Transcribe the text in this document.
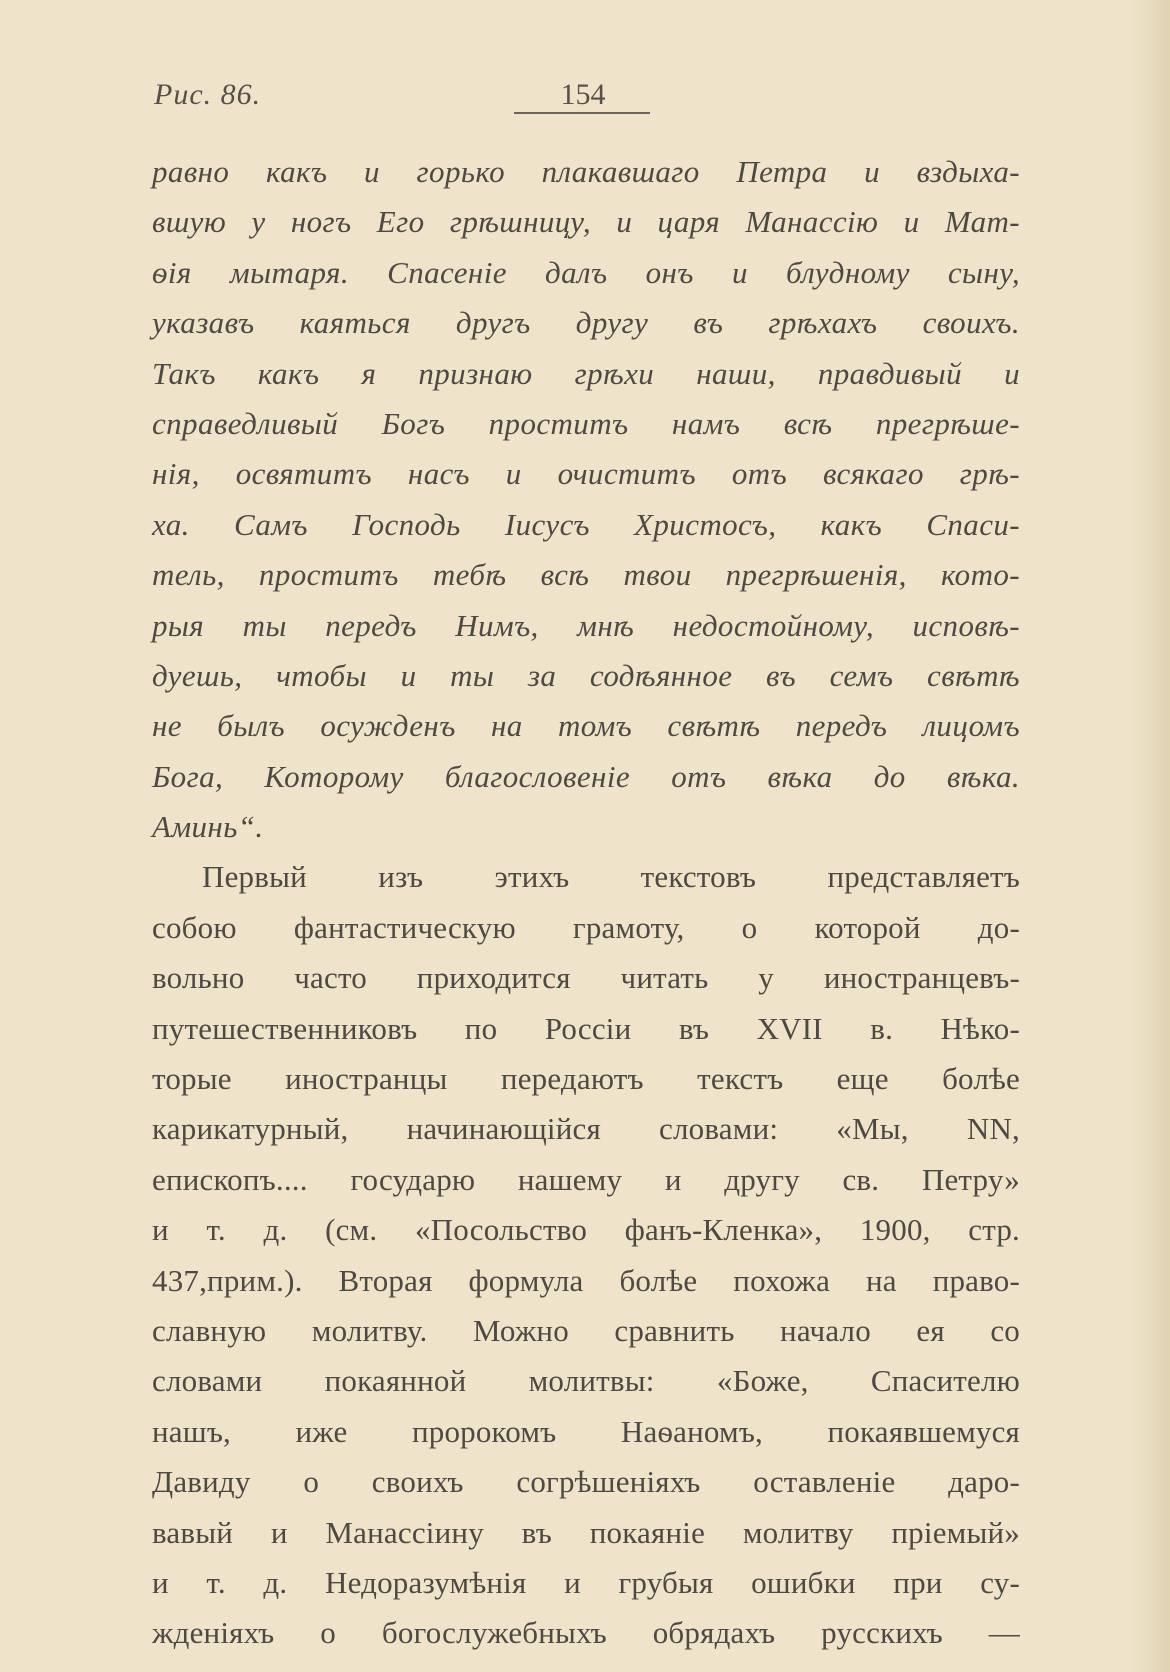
Рис. 86.	154
равно какъ и горько плакавшаго Петра и вздыха-
вшую у ногъ Его грѣшницу, и царя Манассію и Мат-
ѳія мытаря. Спасеніе далъ онъ и блудному сыну,
указавъ каяться другъ другу въ грѣхахъ своихъ.
Такъ какъ я признаю грѣхи наши, правдивый и
справедливый Богъ проститъ намъ всѣ прегрѣше-
нія, освятитъ насъ и очиститъ отъ всякаго грѣ-
ха. Самъ Господь Іисусъ Христосъ, какъ Спаси-
тель, проститъ тебѣ всѣ твои прегрѣшенія, кото-
рыя ты передъ Нимъ, мнѣ недостойному, исповѣ-
дуешь, чтобы и ты за содѣянное въ семъ свѣтѣ
не былъ осужденъ на томъ свѣтѣ передъ лицомъ
Бога, Которому благословеніе отъ вѣка до вѣка.
Аминь“.
Первый изъ этихъ текстовъ представляетъ
собою фантастическую грамоту, о которой до-
вольно часто приходится читать у иностранцевъ-
путешественниковъ по Россіи въ XVII в. Нѣко-
торые иностранцы передаютъ текстъ еще болѣе
карикатурный, начинающійся словами: «Мы, NN,
епископъ.... государю нашему и другу св. Петру»
и т. д. (см. «Посольство фанъ-Кленка», 1900, стр.
437,прим.). Вторая формула болѣе похожа на право-
славную молитву. Можно сравнить начало ея со
словами покаянной молитвы: «Боже, Спасителю
нашъ, иже пророкомъ Наѳаномъ, покаявшемуся
Давиду о своихъ согрѣшеніяхъ оставленіе даро-
вавый и Манассіину въ покаяніе молитву пріемый»
и т. д. Недоразумѣнія и грубыя ошибки при су-
жденіяхъ о богослужебныхъ обрядахъ русскихъ —
